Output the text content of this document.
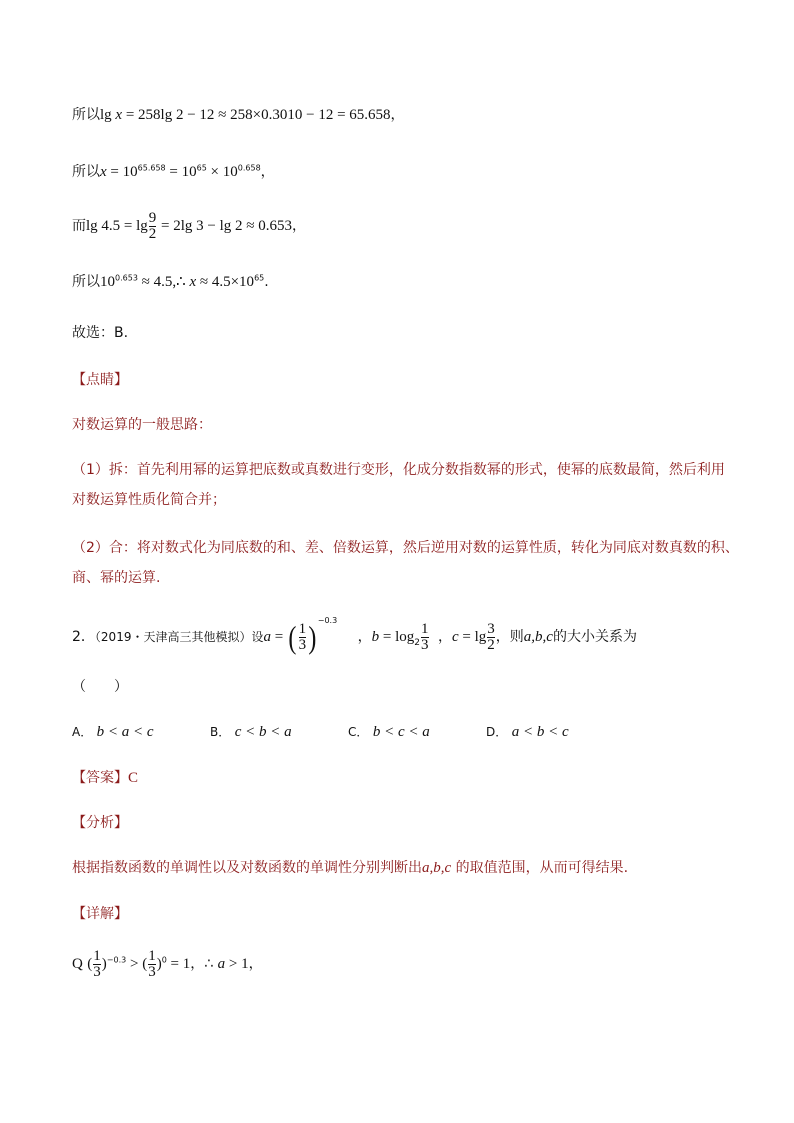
所以lg x = 258lg 2 − 12 ≈ 258×0.3010 − 12 = 65.658，
所以$x = 10^{65.658} = 10^{65} \times 10^{0.658}$，
而$\lg 4.5 = \lg \frac{9}{2} = 2\lg$ 3 − lg 2 ≈ 0.653，
所以$10^{0.653}$ ≈ 4.5,∴ $x \approx 4.5\times 10^{65}$.
故选：B.
【点睛】
对数运算的一般思路：
（1）拆：首先利用幂的运算把底数或真数进行变形，化成分数指数幂的形式，使幂的底数最简，然后利用
对数运算性质化简合并；
（2）合：将对数式化为同底数的和、差、倍数运算，然后逆用对数的运算性质，转化为同底对数真数的积、
商、幂的运算.
2．（2019・天津高三其他模拟）设a = ( $\frac{1}{3} )^{-0.3}$ ，$b = \log_2 \frac{1}{3}$ ，$c = \lg \frac{3}{2}$ ，则a,b,c的大小关系为
（　　）
A． b < a < c	B． c < b < a	C． b < c < a	D． a < b < c
【答案】C
【分析】
根据指数函数的单调性以及对数函数的单调性分别判断出a,b,c 的取值范围，从而可得结果.
【详解】
Q ( $\frac{1}{3} )^{-0.3}$ > ( $\frac{1}{3} )^0 = 1$，∴ a > 1，
